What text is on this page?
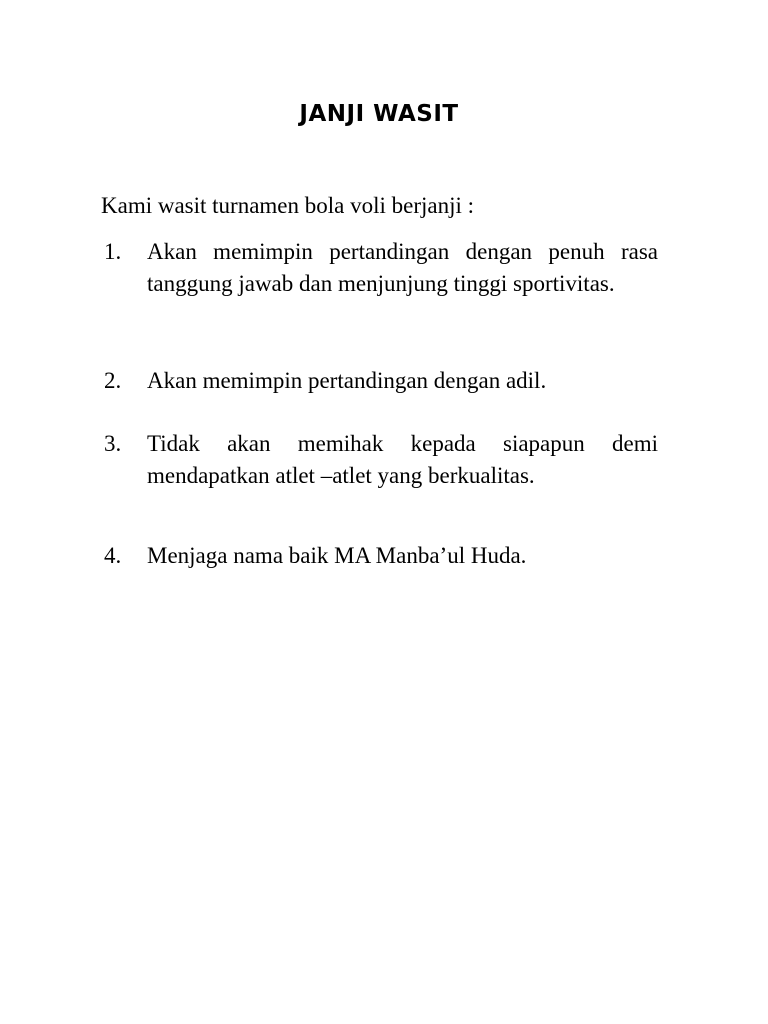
JANJI WASIT

Kami wasit turnamen bola voli berjanji :

1.	Akan memimpin pertandingan dengan penuh rasa tanggung jawab dan menjunjung tinggi sportivitas.
2.	Akan memimpin pertandingan dengan adil.
3.	Tidak akan memihak kepada siapapun demi mendapatkan atlet –atlet yang berkualitas.
4.	Menjaga nama baik MA Manba’ul Huda.
